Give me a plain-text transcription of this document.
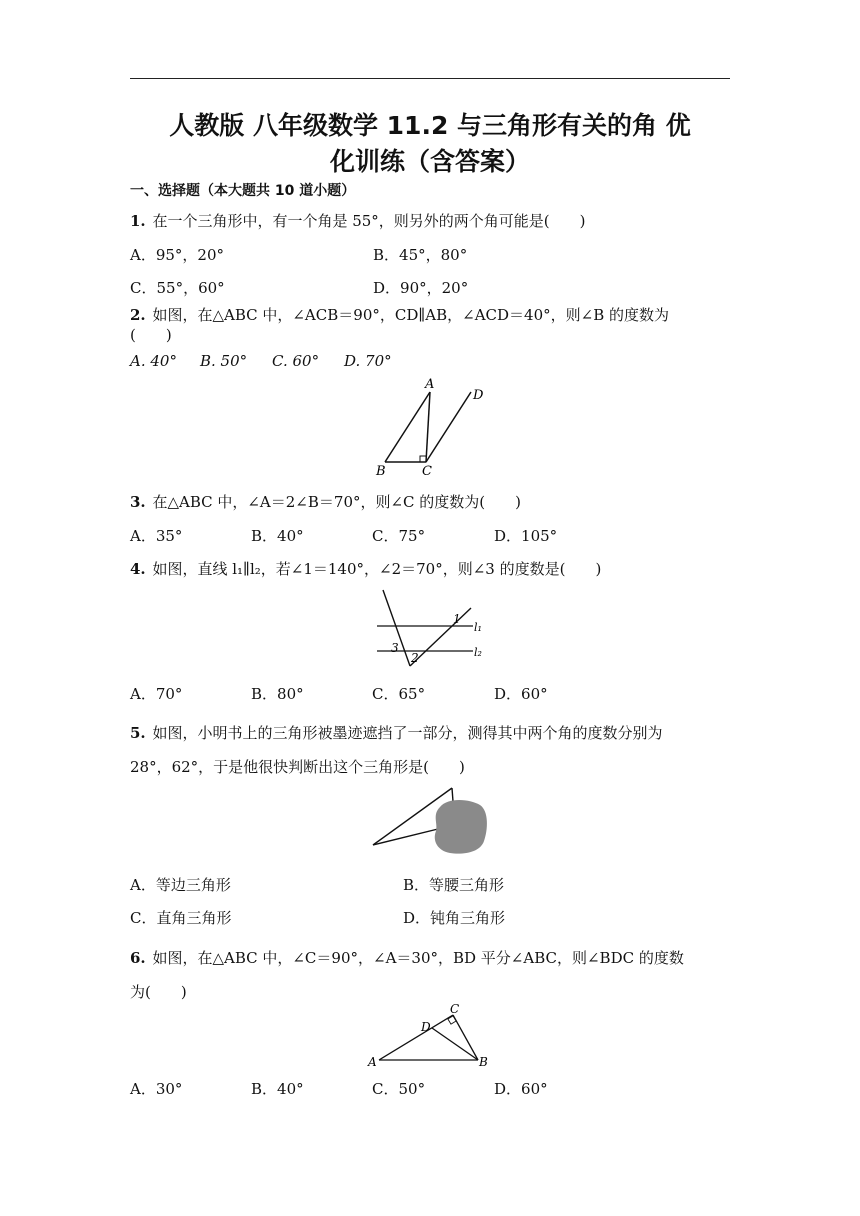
人教版 八年级数学 11.2 与三角形有关的角 优
化训练（含答案）
一、选择题（本大题共 10 道小题）
1. 在一个三角形中，有一个角是 55°，则另外的两个角可能是(　　)
A．95°，20°	B．45°，80°
C．55°，60°	D．90°，20°
2. 如图，在△ABC 中，∠ACB＝90°，CD∥AB，∠ACD＝40°，则∠B 的度数为
(　　)
A. 40° B. 50° C. 60° D. 70°
A
B	C
D
3. 在△ABC 中，∠A＝2∠B＝70°，则∠C 的度数为(　　)
A．35°	B．40°	C．75°	D．105°
4. 如图，直线 l₁∥l₂，若∠1＝140°，∠2＝70°，则∠3 的度数是(　　)
1
2
3
l₁
l₂
A．70°	B．80°	C．65°	D．60°
5. 如图，小明书上的三角形被墨迹遮挡了一部分，测得其中两个角的度数分别为
28°，62°，于是他很快判断出这个三角形是(　　)
A．等边三角形	B．等腰三角形
C．直角三角形	D．钝角三角形
6. 如图，在△ABC 中，∠C＝90°，∠A＝30°，BD 平分∠ABC，则∠BDC 的度数
为(　　)
A	B
C
D
A．30°	B．40°	C．50°	D．60°
